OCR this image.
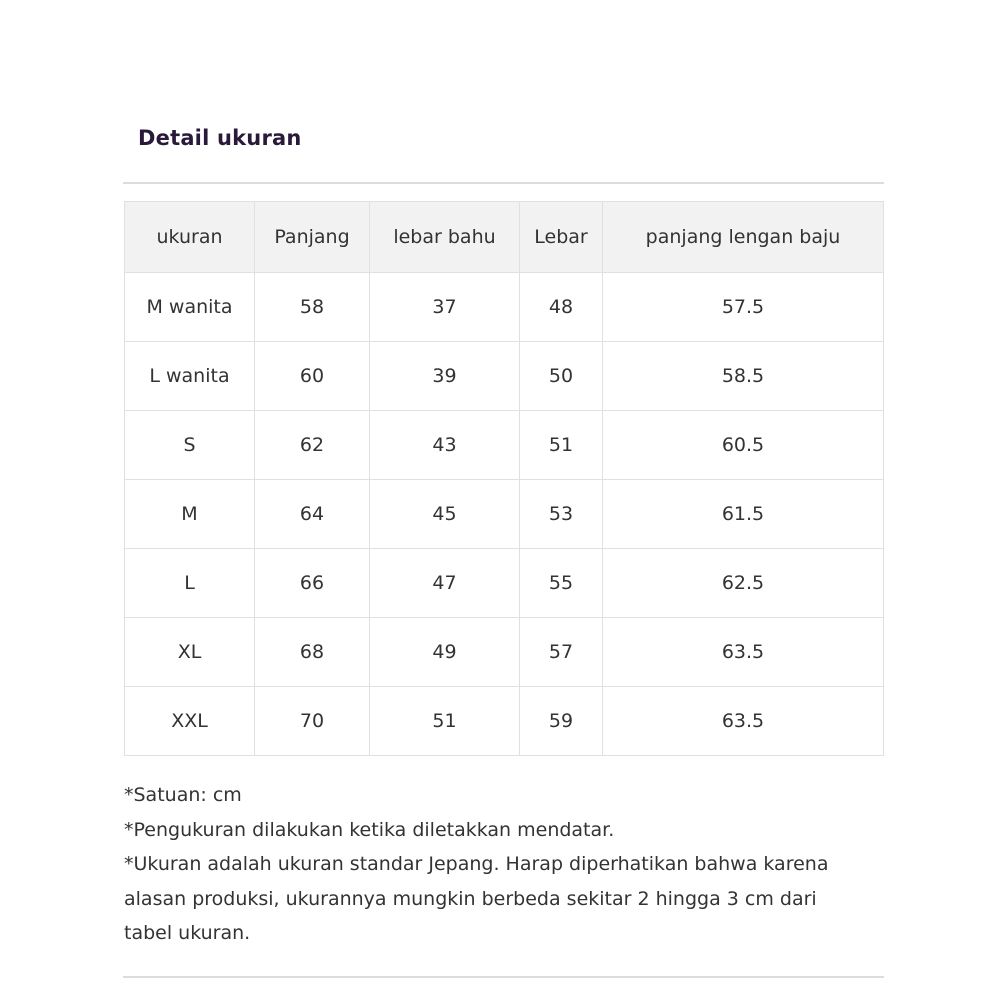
Detail ukuran
ukuran	Panjang	lebar bahu	Lebar	panjang lengan baju
M wanita	58	37	48	57.5
L wanita	60	39	50	58.5
S	62	43	51	60.5
M	64	45	53	61.5
L	66	47	55	62.5
XL	68	49	57	63.5
XXL	70	51	59	63.5

*Satuan: cm

*Pengukuran dilakukan ketika diletakkan mendatar.

*Ukuran adalah ukuran standar Jepang. Harap diperhatikan bahwa karena

alasan produksi, ukurannya mungkin berbeda sekitar 2 hingga 3 cm dari

tabel ukuran.
